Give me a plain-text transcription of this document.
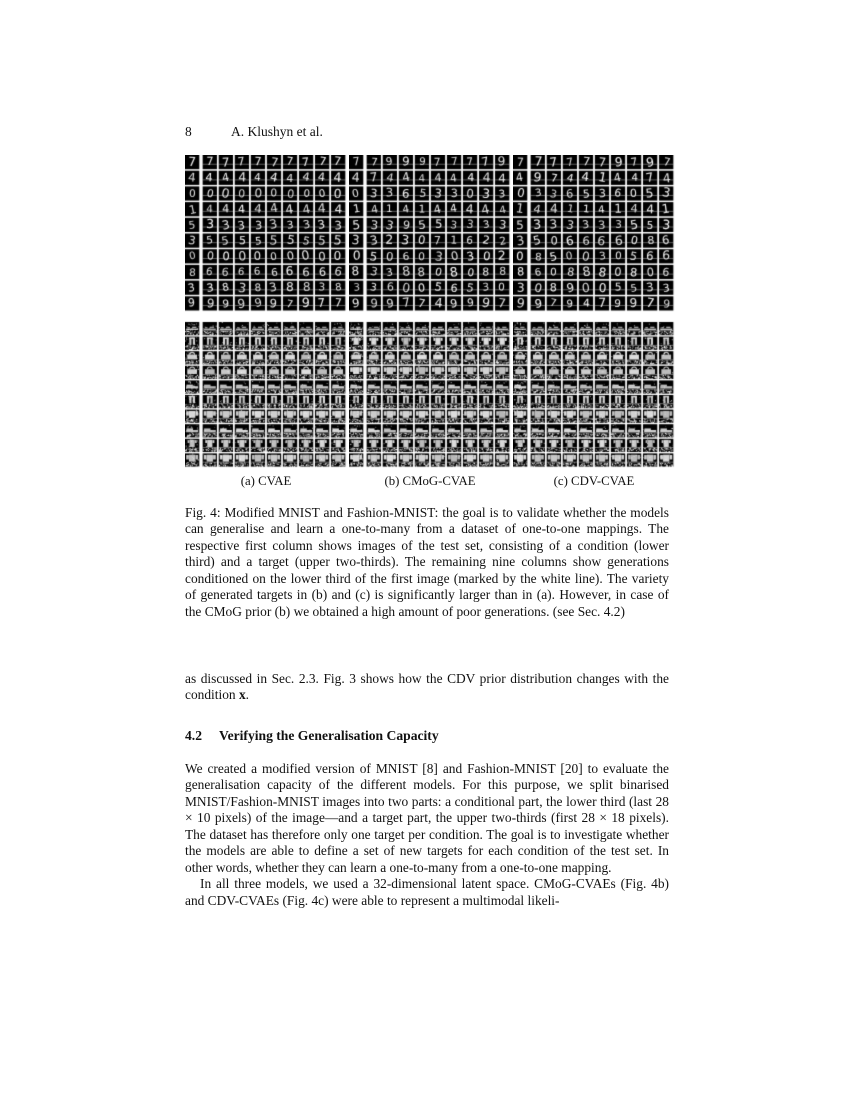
8	A. Klushyn et al.
(a) CVAE	(b) CMoG-CVAE	(c) CDV-CVAE
Fig. 4: Modified MNIST and Fashion-MNIST: the goal is to validate whether the models can generalise and learn a one-to-many from a dataset of one-to-one mappings. The respective first column shows images of the test set, consisting of a condition (lower third) and a target (upper two-thirds). The remaining nine columns show generations conditioned on the lower third of the first image (marked by the white line). The variety of generated targets in (b) and (c) is significantly larger than in (a). However, in case of the CMoG prior (b) we obtained a high amount of poor generations. (see Sec. 4.2)
as discussed in Sec. 2.3. Fig. 3 shows how the CDV prior distribution changes with the condition x.
4.2 Verifying the Generalisation Capacity

We created a modified version of MNIST [8] and Fashion-MNIST [20] to evaluate the generalisation capacity of the different models. For this purpose, we split binarised MNIST/Fashion-MNIST images into two parts: a conditional part, the lower third (last 28 × 10 pixels) of the image—and a target part, the upper two-thirds (first 28 × 18 pixels). The dataset has therefore only one target per condition. The goal is to investigate whether the models are able to define a set of new targets for each condition of the test set. In other words, whether they can learn a one-to-many from a one-to-one mapping.

In all three models, we used a 32-dimensional latent space. CMoG-CVAEs (Fig. 4b) and CDV-CVAEs (Fig. 4c) were able to represent a multimodal likeli-
